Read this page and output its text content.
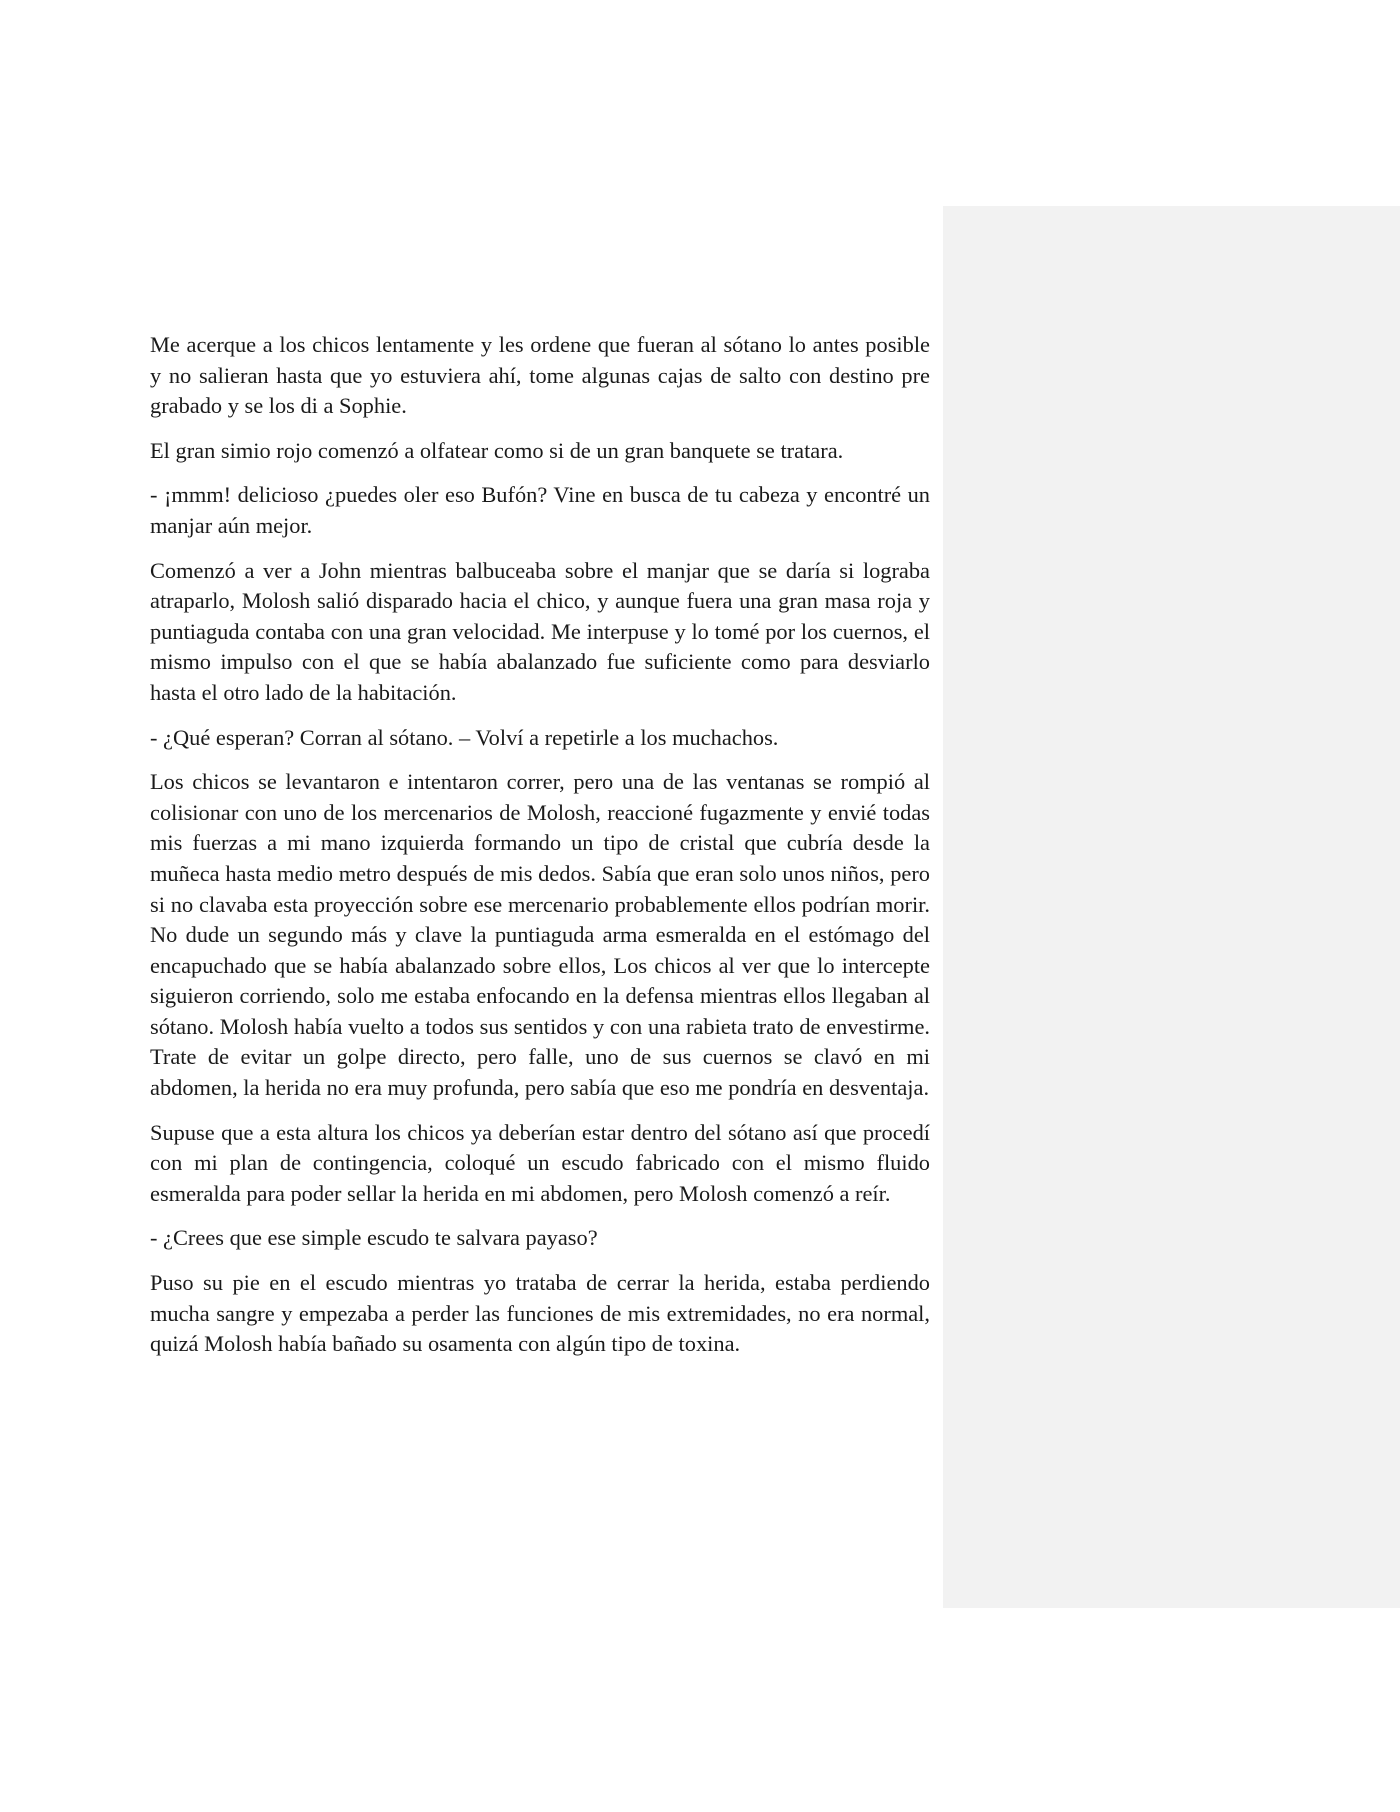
Me acerque a los chicos lentamente y les ordene que fueran al sótano lo antes posible y no salieran hasta que yo estuviera ahí, tome algunas cajas de salto con destino pre grabado y se los di a Sophie.

El gran simio rojo comenzó a olfatear como si de un gran banquete se tratara.

- ¡mmm! delicioso ¿puedes oler eso Bufón? Vine en busca de tu cabeza y encontré un manjar aún mejor.

Comenzó a ver a John mientras balbuceaba sobre el manjar que se daría si lograba atraparlo, Molosh salió disparado hacia el chico, y aunque fuera una gran masa roja y puntiaguda contaba con una gran velocidad. Me interpuse y lo tomé por los cuernos, el mismo impulso con el que se había abalanzado fue suficiente como para desviarlo hasta el otro lado de la habitación.

- ¿Qué esperan? Corran al sótano. – Volví a repetirle a los muchachos.

Los chicos se levantaron e intentaron correr, pero una de las ventanas se rompió al colisionar con uno de los mercenarios de Molosh, reaccioné fugazmente y envié todas mis fuerzas a mi mano izquierda formando un tipo de cristal que cubría desde la muñeca hasta medio metro después de mis dedos. Sabía que eran solo unos niños, pero si no clavaba esta proyección sobre ese mercenario probablemente ellos podrían morir. No dude un segundo más y clave la puntiaguda arma esmeralda en el estómago del encapuchado que se había abalanzado sobre ellos, Los chicos al ver que lo intercepte siguieron corriendo, solo me estaba enfocando en la defensa mientras ellos llegaban al sótano. Molosh había vuelto a todos sus sentidos y con una rabieta trato de envestirme. Trate de evitar un golpe directo, pero falle, uno de sus cuernos se clavó en mi abdomen, la herida no era muy profunda, pero sabía que eso me pondría en desventaja.

Supuse que a esta altura los chicos ya deberían estar dentro del sótano así que procedí con mi plan de contingencia, coloqué un escudo fabricado con el mismo fluido esmeralda para poder sellar la herida en mi abdomen, pero Molosh comenzó a reír.

- ¿Crees que ese simple escudo te salvara payaso?

Puso su pie en el escudo mientras yo trataba de cerrar la herida, estaba perdiendo mucha sangre y empezaba a perder las funciones de mis extremidades, no era normal, quizá Molosh había bañado su osamenta con algún tipo de toxina.
